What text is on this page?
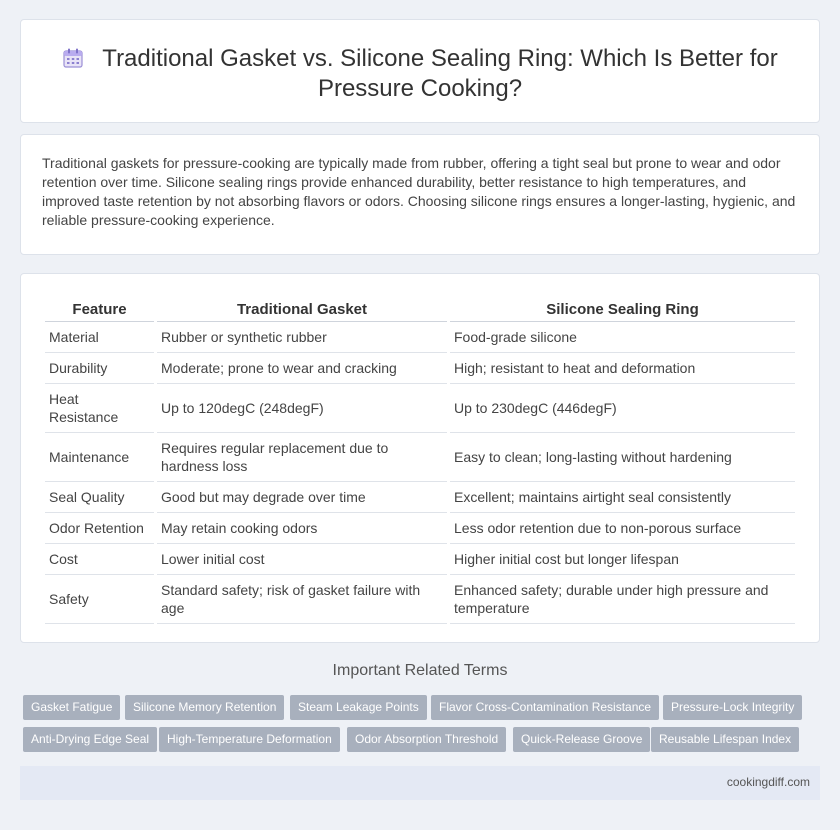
Traditional Gasket vs. Silicone Sealing Ring: Which Is Better for Pressure Cooking?
Traditional gaskets for pressure-cooking are typically made from rubber, offering a tight seal but prone to wear and odor retention over time. Silicone sealing rings provide enhanced durability, better resistance to high temperatures, and improved taste retention by not absorbing flavors or odors. Choosing silicone rings ensures a longer-lasting, hygienic, and reliable pressure-cooking experience.
Feature	Traditional Gasket	Silicone Sealing Ring
Material	Rubber or synthetic rubber	Food-grade silicone
Durability	Moderate; prone to wear and cracking	High; resistant to heat and deformation
Heat Resistance	Up to 120degC (248degF)	Up to 230degC (446degF)
Maintenance	Requires regular replacement due to hardness loss	Easy to clean; long-lasting without hardening
Seal Quality	Good but may degrade over time	Excellent; maintains airtight seal consistently
Odor Retention	May retain cooking odors	Less odor retention due to non-porous surface
Cost	Lower initial cost	Higher initial cost but longer lifespan
Safety	Standard safety; risk of gasket failure with age	Enhanced safety; durable under high pressure and temperature
Important Related Terms
Gasket Fatigue	Silicone Memory Retention	Steam Leakage Points	Flavor Cross-Contamination Resistance	Pressure-Lock Integrity
Anti-Drying Edge Seal	High-Temperature Deformation	Odor Absorption Threshold	Quick-Release Groove	Reusable Lifespan Index
cookingdiff.com
